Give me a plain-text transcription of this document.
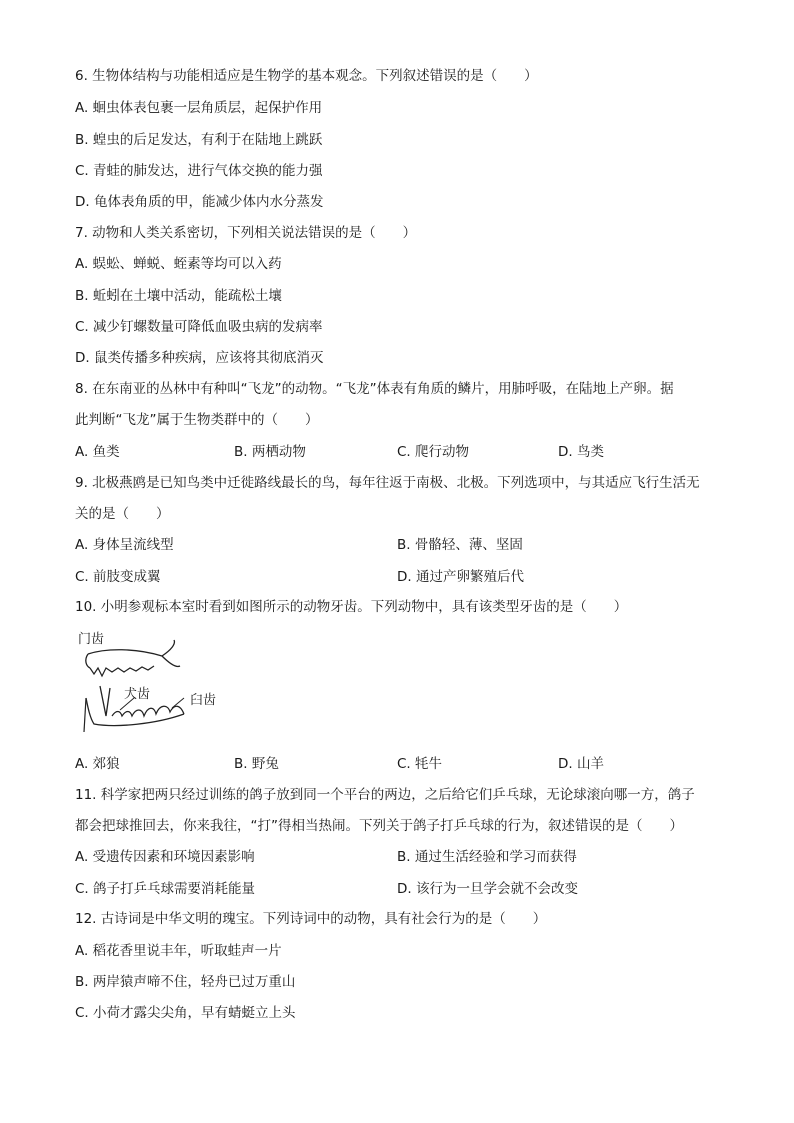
6. 生物体结构与功能相适应是生物学的基本观念。下列叙述错误的是（　　）
A. 蛔虫体表包裹一层角质层，起保护作用
B. 蝗虫的后足发达，有利于在陆地上跳跃
C. 青蛙的肺发达，进行气体交换的能力强
D. 龟体表角质的甲，能减少体内水分蒸发
7. 动物和人类关系密切，下列相关说法错误的是（　　）
A. 蜈蚣、蝉蜕、蛭素等均可以入药
B. 蚯蚓在土壤中活动，能疏松土壤
C. 减少钉螺数量可降低血吸虫病的发病率
D. 鼠类传播多种疾病，应该将其彻底消灭
8. 在东南亚的丛林中有种叫“飞龙”的动物。“飞龙”体表有角质的鳞片，用肺呼吸，在陆地上产卵。据
此判断“飞龙”属于生物类群中的（　　）
A. 鱼类	B. 两栖动物	C. 爬行动物	D. 鸟类
9. 北极燕鸥是已知鸟类中迁徙路线最长的鸟，每年往返于南极、北极。下列选项中，与其适应飞行生活无
关的是（　　）
A. 身体呈流线型	B. 骨骼轻、薄、坚固
C. 前肢变成翼	D. 通过产卵繁殖后代
10. 小明参观标本室时看到如图所示的动物牙齿。下列动物中，具有该类型牙齿的是（　　）
门齿
犬齿	臼齿
A. 郊狼	B. 野兔	C. 牦牛	D. 山羊
11. 科学家把两只经过训练的鸽子放到同一个平台的两边，之后给它们乒乓球，无论球滚向哪一方，鸽子
都会把球推回去，你来我往，“打”得相当热闹。下列关于鸽子打乒乓球的行为，叙述错误的是（　　）
A. 受遗传因素和环境因素影响	B. 通过生活经验和学习而获得
C. 鸽子打乒乓球需要消耗能量	D. 该行为一旦学会就不会改变
12. 古诗词是中华文明的瑰宝。下列诗词中的动物，具有社会行为的是（　　）
A. 稻花香里说丰年，听取蛙声一片
B. 两岸猿声啼不住，轻舟已过万重山
C. 小荷才露尖尖角，早有蜻蜓立上头
